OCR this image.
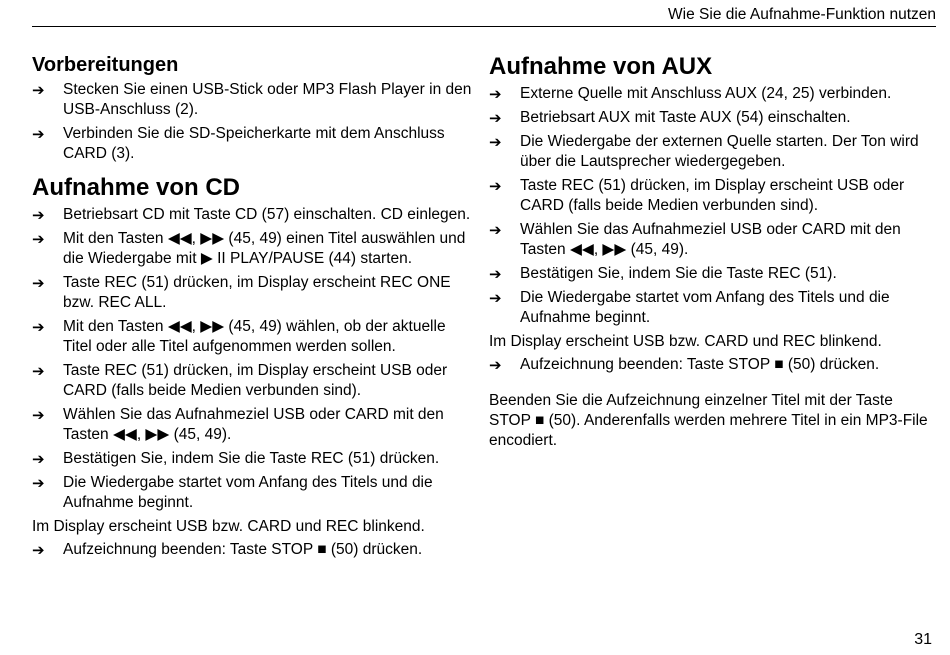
Wie Sie die Aufnahme-Funktion nutzen
Vorbereitungen
➔ Stecken Sie einen USB-Stick oder MP3 Flash Player in den USB-Anschluss (2).
➔ Verbinden Sie die SD-Speicherkarte mit dem Anschluss CARD (3).
Aufnahme von CD
➔ Betriebsart CD mit Taste CD (57) einschalten. CD einlegen.
➔ Mit den Tasten ◀◀, ▶▶ (45, 49) einen Titel auswählen und die Wiedergabe mit ▶ II PLAY/PAUSE (44) starten.
➔ Taste REC (51) drücken, im Display erscheint REC ONE bzw. REC ALL.
➔ Mit den Tasten ◀◀, ▶▶ (45, 49) wählen, ob der aktuelle Titel oder alle Titel aufgenommen werden sollen.
➔ Taste REC (51) drücken, im Display erscheint USB oder CARD (falls beide Medien verbunden sind).
➔ Wählen Sie das Aufnahmeziel USB oder CARD mit den Tasten ◀◀, ▶▶ (45, 49).
➔ Bestätigen Sie, indem Sie die Taste REC (51) drücken.
➔ Die Wiedergabe startet vom Anfang des Titels und die Aufnahme beginnt.

Im Display erscheint USB bzw. CARD und REC blinkend.

➔ Aufzeichnung beenden: Taste STOP ■ (50) drücken.
Aufnahme von AUX
➔ Externe Quelle mit Anschluss AUX (24, 25) verbinden.
➔ Betriebsart AUX mit Taste AUX (54) einschalten.
➔ Die Wiedergabe der externen Quelle starten. Der Ton wird über die Lautsprecher wiedergegeben.
➔ Taste REC (51) drücken, im Display erscheint USB oder CARD (falls beide Medien verbunden sind).
➔ Wählen Sie das Aufnahmeziel USB oder CARD mit den Tasten ◀◀, ▶▶ (45, 49).
➔ Bestätigen Sie, indem Sie die Taste REC (51).
➔ Die Wiedergabe startet vom Anfang des Titels und die Aufnahme beginnt.

Im Display erscheint USB bzw. CARD und REC blinkend.

➔ Aufzeichnung beenden: Taste STOP ■ (50) drücken.

Beenden Sie die Aufzeichnung einzelner Titel mit der Taste STOP ■ (50). Anderenfalls werden mehrere Titel in ein MP3-File encodiert.

31
